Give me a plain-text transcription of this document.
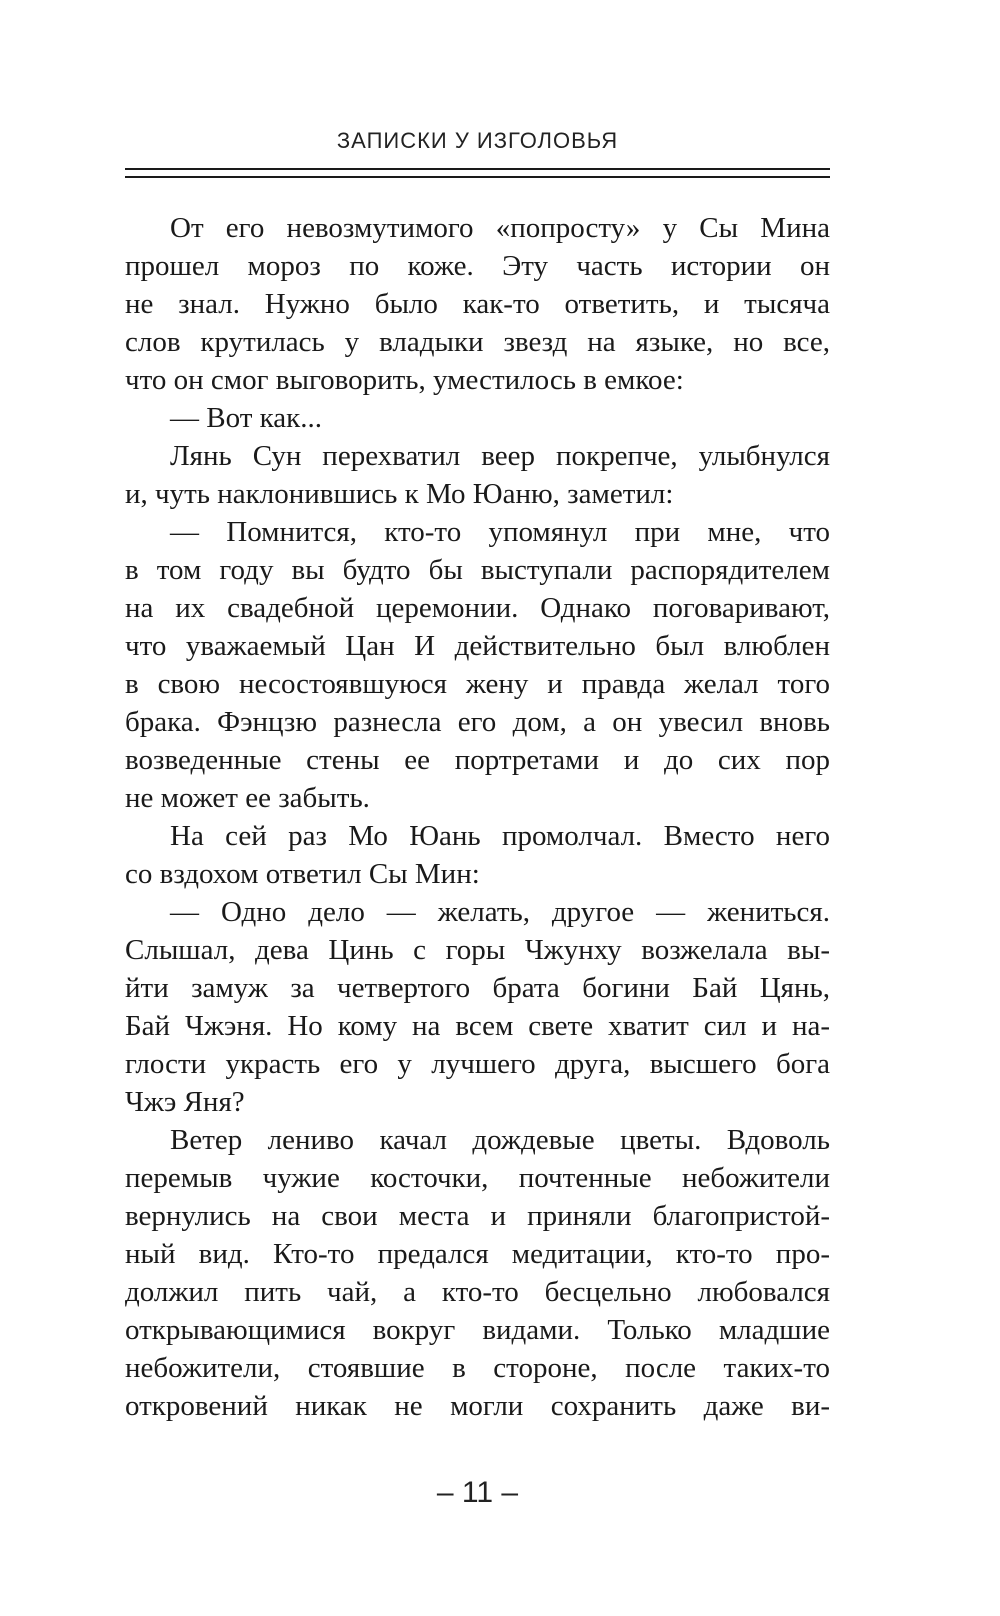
ЗАПИСКИ У ИЗГОЛОВЬЯ
От его невозмутимого «попросту» у Сы Мина
прошел мороз по коже. Эту часть истории он
не знал. Нужно было как-то ответить, и тысяча
слов крутилась у владыки звезд на языке, но все,
что он смог выговорить, уместилось в емкое:
— Вот как...
Лянь Сун перехватил веер покрепче, улыбнулся
и, чуть наклонившись к Мо Юаню, заметил:
— Помнится, кто-то упомянул при мне, что
в том году вы будто бы выступали распорядителем
на их свадебной церемонии. Однако поговаривают,
что уважаемый Цан И действительно был влюблен
в свою несостоявшуюся жену и правда желал того
брака. Фэнцзю разнесла его дом, а он увесил вновь
возведенные стены ее портретами и до сих пор
не может ее забыть.
На сей раз Мо Юань промолчал. Вместо него
со вздохом ответил Сы Мин:
— Одно дело — желать, другое — жениться.
Слышал, дева Цинь с горы Чжунху возжелала вы-
йти замуж за четвертого брата богини Бай Цянь,
Бай Чжэня. Но кому на всем свете хватит сил и на-
глости украсть его у лучшего друга, высшего бога
Чжэ Яня?
Ветер лениво качал дождевые цветы. Вдоволь
перемыв чужие косточки, почтенные небожители
вернулись на свои места и приняли благопристой-
ный вид. Кто-то предался медитации, кто-то про-
должил пить чай, а кто-то бесцельно любовался
открывающимися вокруг видами. Только младшие
небожители, стоявшие в стороне, после таких-то
откровений никак не могли сохранить даже ви-
– 11 –
